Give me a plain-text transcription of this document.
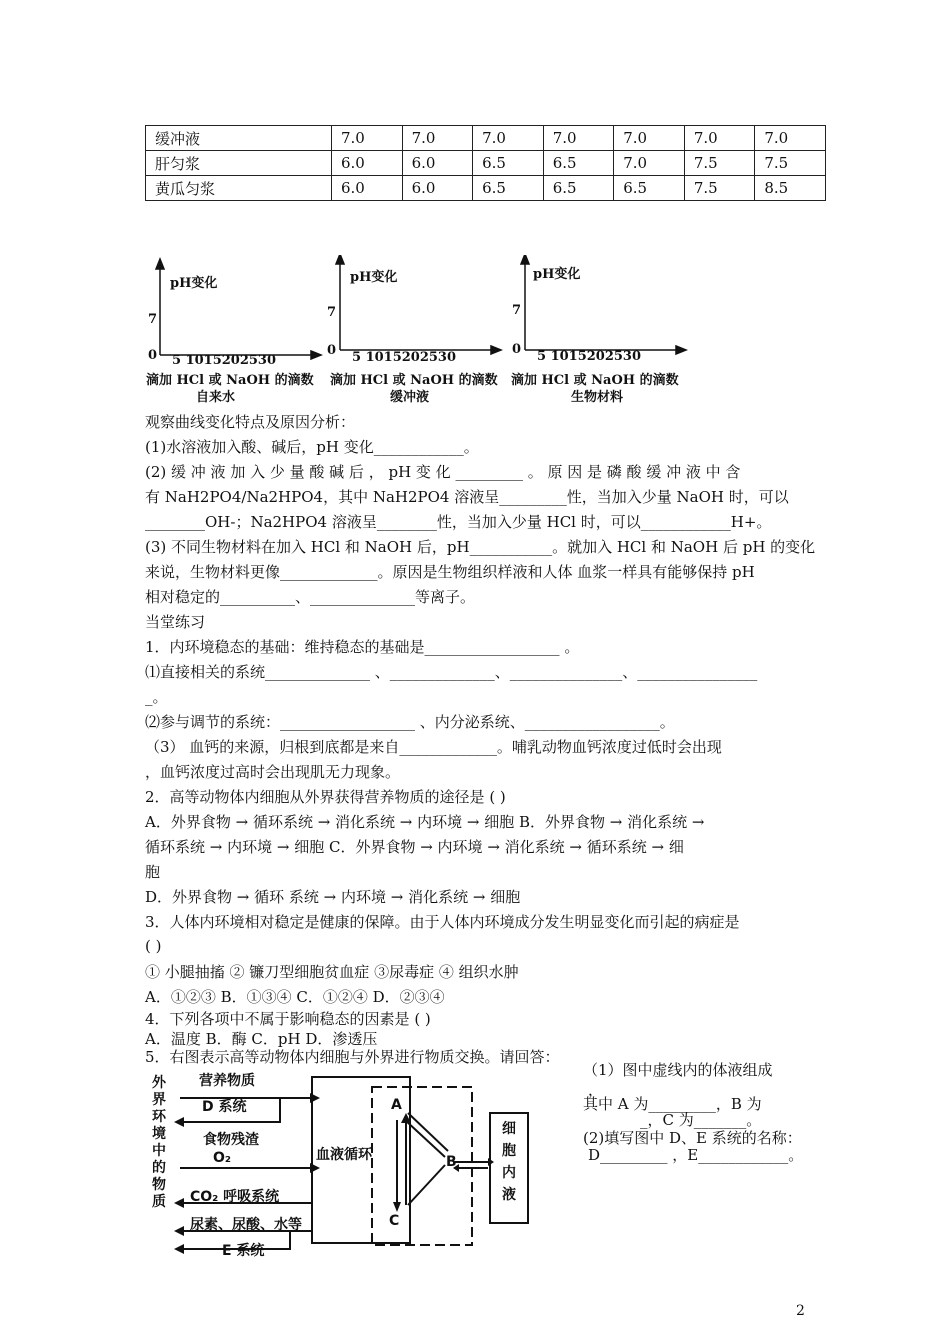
缓冲液	7.0	7.0	7.0	7.0	7.0	7.0	7.0
肝匀浆	6.0	6.0	6.5	6.5	7.0	7.5	7.5
黄瓜匀浆	6.0	6.0	6.5	6.5	6.5	7.5	8.5
pH变化
7
0 5 1015202530
滴加 HCl 或 NaOH 的滴数
自来水
pH变化
7
0 5 1015202530
滴加 HCl 或 NaOH 的滴数
缓冲液
pH变化
7
0 5 1015202530
滴加 HCl 或 NaOH 的滴数
生物材料
观察曲线变化特点及原因分析：
(1)水溶液加入酸、碱后，pH 变化____________。
(2) 缓 冲 液 加 入 少 量 酸 碱 后 ， pH 变 化 _________ 。 原 因 是 磷 酸 缓 冲 液 中 含
有 NaH2PO4/Na2HPO4，其中 NaH2PO4 溶液呈_________性，当加入少量 NaOH 时，可以
________OH-；Na2HPO4 溶液呈________性，当加入少量 HCl 时，可以____________H+。
(3) 不同生物材料在加入 HCl 和 NaOH 后，pH___________。就加入 HCl 和 NaOH 后 pH 的变化
来说，生物材料更像_____________。原因是生物组织样液和人体 血浆一样具有能够保持 pH
相对稳定的__________、______________等离子。
当堂练习
1．内环境稳态的基础：维持稳态的基础是__________________ 。
⑴直接相关的系统______________ 、______________、_______________、________________
_。
⑵参与调节的系统：__________________ 、内分泌系统、__________________。
（3） 血钙的来源，归根到底都是来自_____________。哺乳动物血钙浓度过低时会出现
，血钙浓度过高时会出现肌无力现象。
2．高等动物体内细胞从外界获得营养物质的途径是 ( )
A．外界食物 → 循环系统 → 消化系统 → 内环境 → 细胞 B．外界食物 → 消化系统 →
循环系统 → 内环境 → 细胞 C．外界食物 → 内环境 → 消化系统 → 循环系统 → 细
胞
D．外界食物 → 循环 系统 → 内环境 → 消化系统 → 细胞
3．人体内环境相对稳定是健康的保障。由于人体内环境成分发生明显变化而引起的病症是
( )
① 小腿抽搐 ② 镰刀型细胞贫血症 ③尿毒症 ④ 组织水肿
A．①②③ B．①③④ C．①②④ D．②③④
4．下列各项中不属于影响稳态的因素是 ( )
A．温度 B．酶 C．pH D．渗透压
5．右图表示高等动物体内细胞与外界进行物质交换。请回答：
（1）图中虚线内的体液组成
，
其中 A 为_________，B 为
_，C 为_______。
(2)填写图中 D、E 系统的名称：
D_________ ，E____________。
外界环境中的物质
营养物质
D 系统
食物残渣
O₂
CO₂ 呼吸系统
尿素、尿酸、水等
E 系统
血液循环
A
B
C
细胞内液
2
